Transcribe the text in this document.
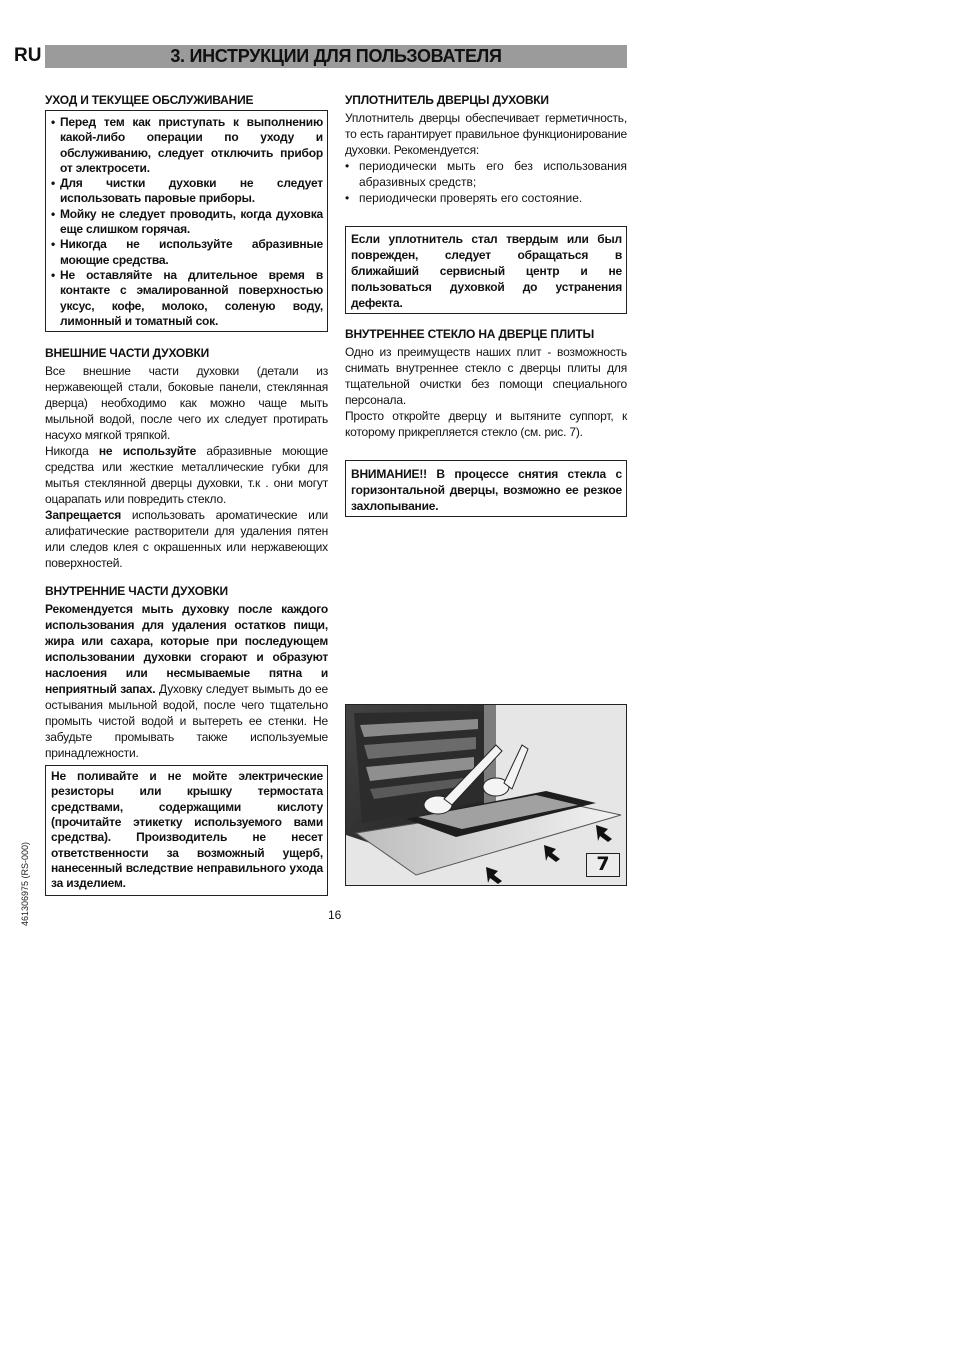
RU	3. ИНСТРУКЦИИ ДЛЯ ПОЛЬЗОВАТЕЛЯ
УХОД И ТЕКУЩЕЕ ОБСЛУЖИВАНИЕ
• Перед тем как приступать к выполнению какой-либо операции по уходу и обслуживанию, следует отключить прибор от электросети.
• Для чистки духовки не следует использовать паровые приборы.
• Мойку не следует проводить, когда духовка еще слишком горячая.
• Никогда не используйте абразивные моющие средства.
• Не оставляйте на длительное время в контакте с эмалированной поверхностью уксус, кофе, молоко, соленую воду, лимонный и томатный сок.
ВНЕШНИЕ ЧАСТИ ДУХОВКИ

Все внешние части духовки (детали из нержавеющей стали, боковые панели, стеклянная дверца) необходимо как можно чаще мыть мыльной водой, после чего их следует протирать насухо мягкой тряпкой.

Никогда не используйте абразивные моющие средства или жесткие металлические губки для мытья стеклянной дверцы духовки, т.к . они могут оцарапать или повредить стекло.

Запрещается использовать ароматические или алифатические растворители для удаления пятен или следов клея с окрашенных или нержавеющих поверхностей.

ВНУТРЕННИЕ ЧАСТИ ДУХОВКИ

Рекомендуется мыть духовку после каждого использования для удаления остатков пищи, жира или сахара, которые при последующем использовании духовки сгорают и образуют наслоения или несмываемые пятна и неприятный запах. Духовку следует вымыть до ее остывания мыльной водой, после чего тщательно промыть чистой водой и вытереть ее стенки. Не забудьте промывать также используемые принадлежности.

Не поливайте и не мойте электрические резисторы или крышку термостата средствами, содержащими кислоту (прочитайте этикетку используемого вами средства). Производитель не несет ответственности за возможный ущерб, нанесенный вследствие неправильного ухода за изделием.
УПЛОТНИТЕЛЬ ДВЕРЦЫ ДУХОВКИ

Уплотнитель дверцы обеспечивает герметичность, то есть гарантирует правильное функционирование духовки. Рекомендуется:

• периодически мыть его без использования абразивных средств;
• периодически проверять его состояние.
Если уплотнитель стал твердым или был поврежден, следует обращаться в ближайший сервисный центр и не пользоваться духовкой до устранения дефекта.
ВНУТРЕННЕЕ СТЕКЛО НА ДВЕРЦЕ ПЛИТЫ

Одно из преимуществ наших плит - возможность снимать внутреннее стекло с дверцы плиты для тщательной очистки без помощи специального персонала.

Просто откройте дверцу и вытяните суппорт, к которому прикрепляется стекло (см. рис. 7).

ВНИМАНИЕ!! В процессе снятия стекла с горизонтальной дверцы, возможно ее резкое захлопывание.
7
16
461306975 (RS-000)
